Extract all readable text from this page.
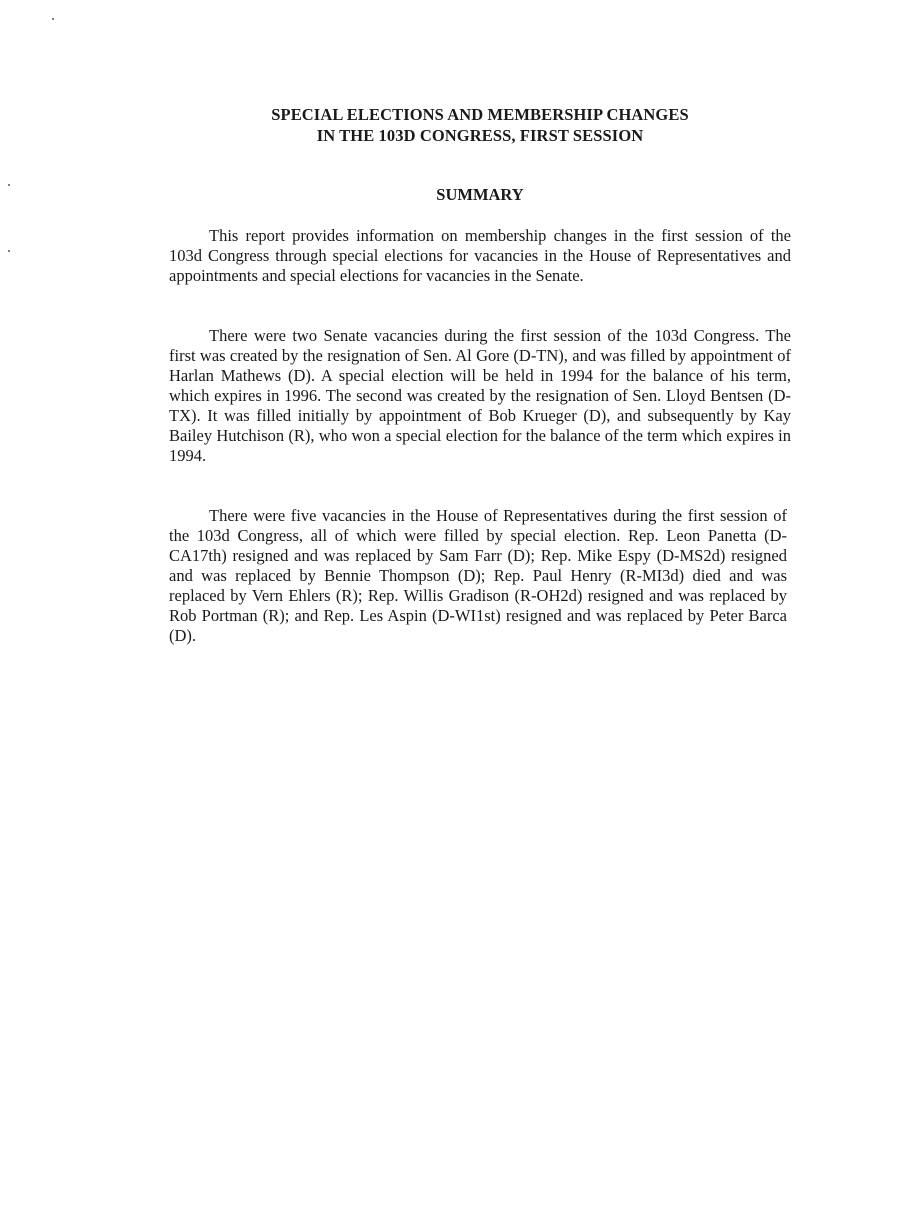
SPECIAL ELECTIONS AND MEMBERSHIP CHANGES

IN THE 103D CONGRESS, FIRST SESSION

SUMMARY

This report provides information on membership changes in the first session of the 103d Congress through special elections for vacancies in the House of Representatives and appointments and special elections for vacancies in the Senate.

There were two Senate vacancies during the first session of the 103d Congress. The first was created by the resignation of Sen. Al Gore (D-TN), and was filled by appointment of Harlan Mathews (D). A special election will be held in 1994 for the balance of his term, which expires in 1996. The second was created by the resignation of Sen. Lloyd Bentsen (D-TX). It was filled initially by appointment of Bob Krueger (D), and subsequently by Kay Bailey Hutchison (R), who won a special election for the balance of the term which expires in 1994.

There were five vacancies in the House of Representatives during the first session of the 103d Congress, all of which were filled by special election. Rep. Leon Panetta (D-CA17th) resigned and was replaced by Sam Farr (D); Rep. Mike Espy (D-MS2d) resigned and was replaced by Bennie Thompson (D); Rep. Paul Henry (R-MI3d) died and was replaced by Vern Ehlers (R); Rep. Willis Gradison (R-OH2d) resigned and was replaced by Rob Portman (R); and Rep. Les Aspin (D-WI1st) resigned and was replaced by Peter Barca (D).
